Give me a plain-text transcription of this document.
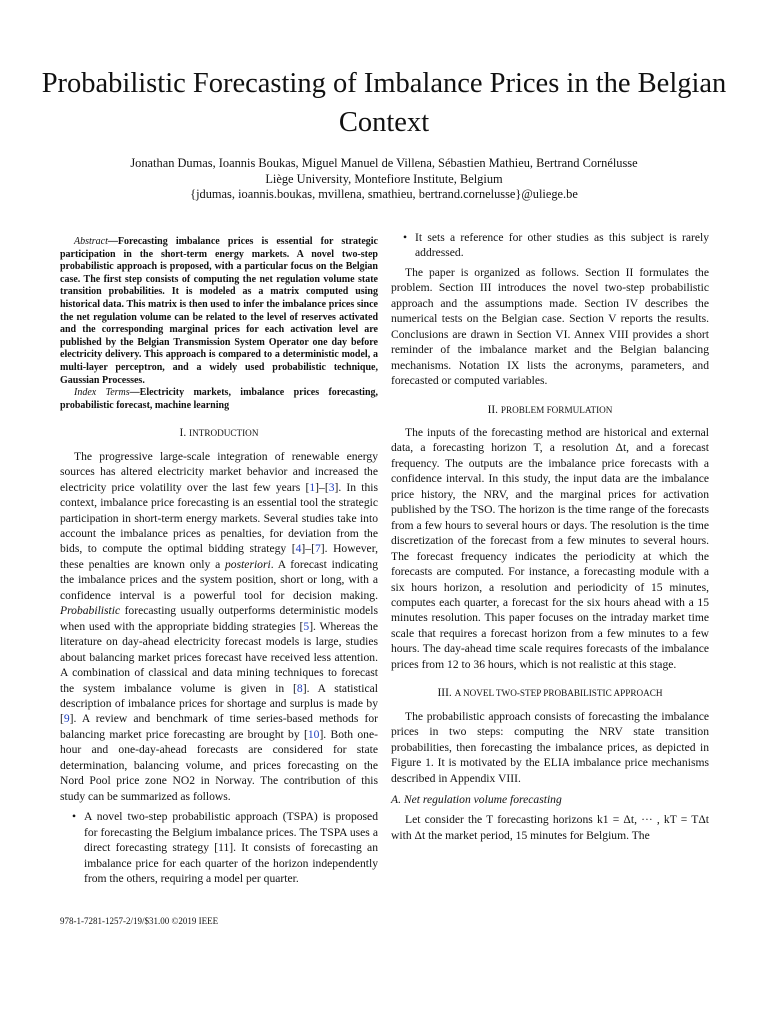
Probabilistic Forecasting of Imbalance Prices in the Belgian Context
Jonathan Dumas, Ioannis Boukas, Miguel Manuel de Villena, Sébastien Mathieu, Bertrand Cornélusse
Liège University, Montefiore Institute, Belgium
{jdumas, ioannis.boukas, mvillena, smathieu, bertrand.cornelusse}@uliege.be

Abstract—Forecasting imbalance prices is essential for strategic participation in the short-term energy markets. A novel two-step probabilistic approach is proposed, with a particular focus on the Belgian case. The first step consists of computing the net regulation volume state transition probabilities. It is modeled as a matrix computed using historical data. This matrix is then used to infer the imbalance prices since the net regulation volume can be related to the level of reserves activated and the corresponding marginal prices for each activation level are published by the Belgian Transmission System Operator one day before electricity delivery. This approach is compared to a deterministic model, a multi-layer perceptron, and a widely used probabilistic technique, Gaussian Processes.

Index Terms—Electricity markets, imbalance prices forecasting, probabilistic forecast, machine learning

I. INTRODUCTION

The progressive large-scale integration of renewable energy sources has altered electricity market behavior and increased the electricity price volatility over the last few years [1]–[3]. In this context, imbalance price forecasting is an essential tool the strategic participation in short-term energy markets. Several studies take into account the imbalance prices as penalties, for deviation from the bids, to compute the optimal bidding strategy [4]–[7]. However, these penalties are known only a posteriori. A forecast indicating the imbalance prices and the system position, short or long, with a confidence interval is a powerful tool for decision making. Probabilistic forecasting usually outperforms deterministic models when used with the appropriate bidding strategies [5]. Whereas the literature on day-ahead electricity forecast models is large, studies about balancing market prices forecast have received less attention. A combination of classical and data mining techniques to forecast the system imbalance volume is given in [8]. A statistical description of imbalance prices for shortage and surplus is made by [9]. A review and benchmark of time series-based methods for balancing market price forecasting are brought by [10]. Both one-hour and one-day-ahead forecasts are considered for state determination, balancing volume, and prices forecasting on the Nord Pool price zone NO2 in Norway. The contribution of this study can be summarized as follows.

• A novel two-step probabilistic approach (TSPA) is proposed for forecasting the Belgium imbalance prices. The TSPA uses a direct forecasting strategy [11]. It consists of forecasting an imbalance price for each quarter of the horizon independently from the others, requiring a model per quarter.
• It sets a reference for other studies as this subject is rarely addressed.

The paper is organized as follows. Section II formulates the problem. Section III introduces the novel two-step probabilistic approach and the assumptions made. Section IV describes the numerical tests on the Belgian case. Section V reports the results. Conclusions are drawn in Section VI. Annex VIII provides a short reminder of the imbalance market and the Belgian balancing mechanisms. Notation IX lists the acronyms, parameters, and forecasted or computed variables.

II. PROBLEM FORMULATION

The inputs of the forecasting method are historical and external data, a forecasting horizon T, a resolution Δt, and a forecast frequency. The outputs are the imbalance price forecasts with a confidence interval. In this study, the input data are the imbalance price history, the NRV, and the marginal prices for activation published by the TSO. The horizon is the time range of the forecasts from a few hours to several hours or days. The resolution is the time discretization of the forecast from a few minutes to several hours. The forecast frequency indicates the periodicity at which the forecasts are computed. For instance, a forecasting module with a six hours horizon, a resolution and periodicity of 15 minutes, computes each quarter, a forecast for the six hours ahead with a 15 minutes resolution. This paper focuses on the intraday market time scale that requires a forecast horizon from a few minutes to a few hours. The day-ahead time scale requires forecasts of the imbalance prices from 12 to 36 hours, which is not realistic at this stage.

III. A NOVEL TWO-STEP PROBABILISTIC APPROACH

The probabilistic approach consists of forecasting the imbalance prices in two steps: computing the NRV state transition probabilities, then forecasting the imbalance prices, as depicted in Figure 1. It is motivated by the ELIA imbalance price mechanisms described in Appendix VIII.

A. Net regulation volume forecasting

Let consider the T forecasting horizons k1 = Δt, ··· , kT = TΔt with Δt the market period, 15 minutes for Belgium. The

978-1-7281-1257-2/19/$31.00 ©2019 IEEE
